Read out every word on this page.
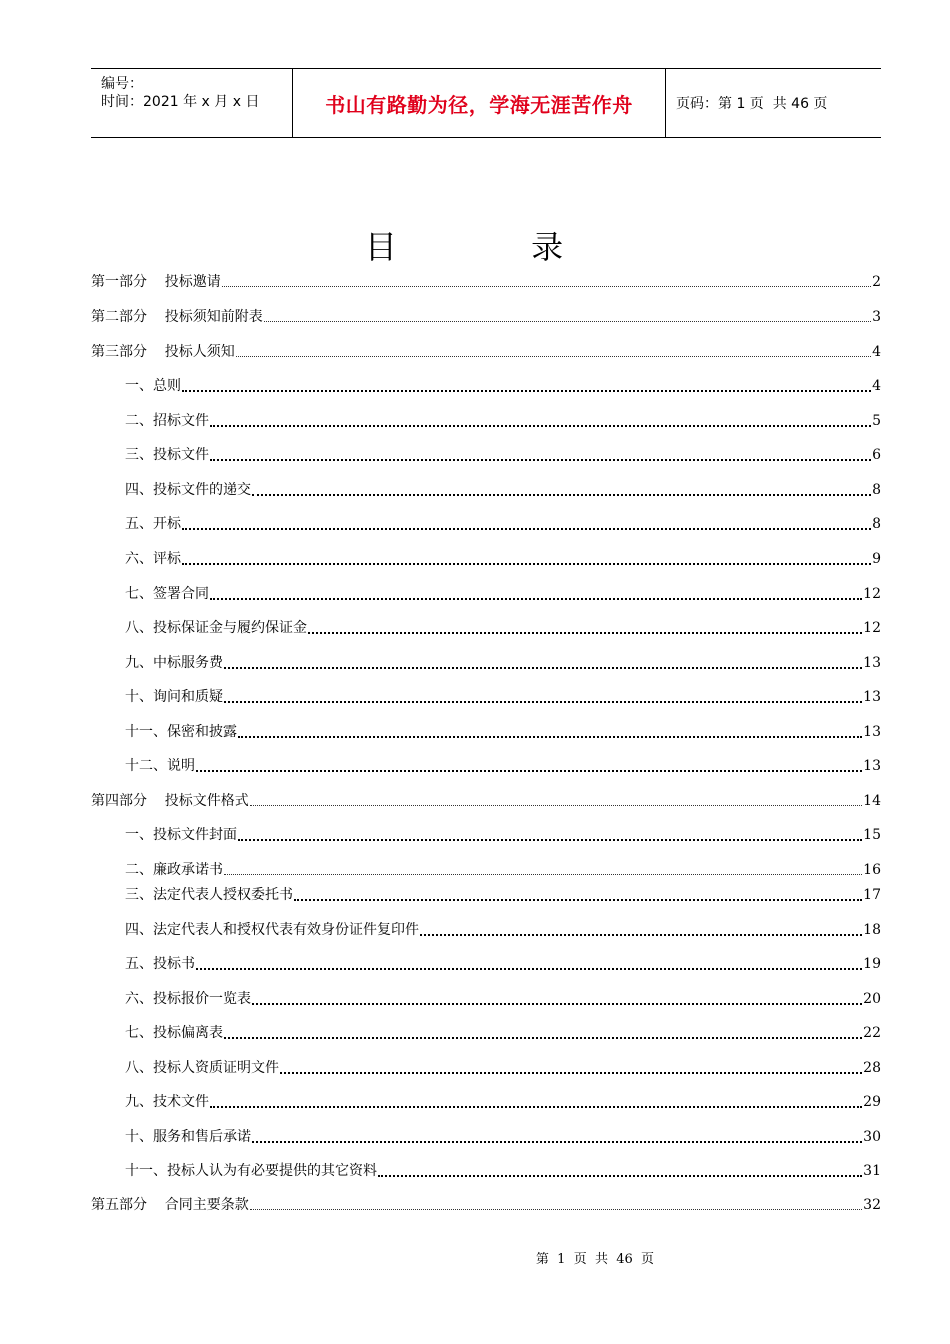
编号：
时间：2021 年 x 月 x 日	书山有路勤为径，学海无涯苦作舟	页码：第 1 页  共 46 页
目 录
第一部分    投标邀请	2
第二部分    投标须知前附表	3
第三部分    投标人须知	4
一、总则	4
二、招标文件	5
三、投标文件	6
四、投标文件的递交	8
五、开标	8
六、评标	9
七、签署合同	12
八、投标保证金与履约保证金	12
九、中标服务费	13
十、询问和质疑	13
十一、保密和披露	13
十二、说明	13
第四部分    投标文件格式	14
一、投标文件封面	15
二、廉政承诺书	16
三、法定代表人授权委托书	17
四、法定代表人和授权代表有效身份证件复印件	18
五、投标书	19
六、投标报价一览表	20
七、投标偏离表	22
八、投标人资质证明文件	28
九、技术文件	29
十、服务和售后承诺	30
十一、投标人认为有必要提供的其它资料	31
第五部分    合同主要条款	32
第  1  页  共  46  页
